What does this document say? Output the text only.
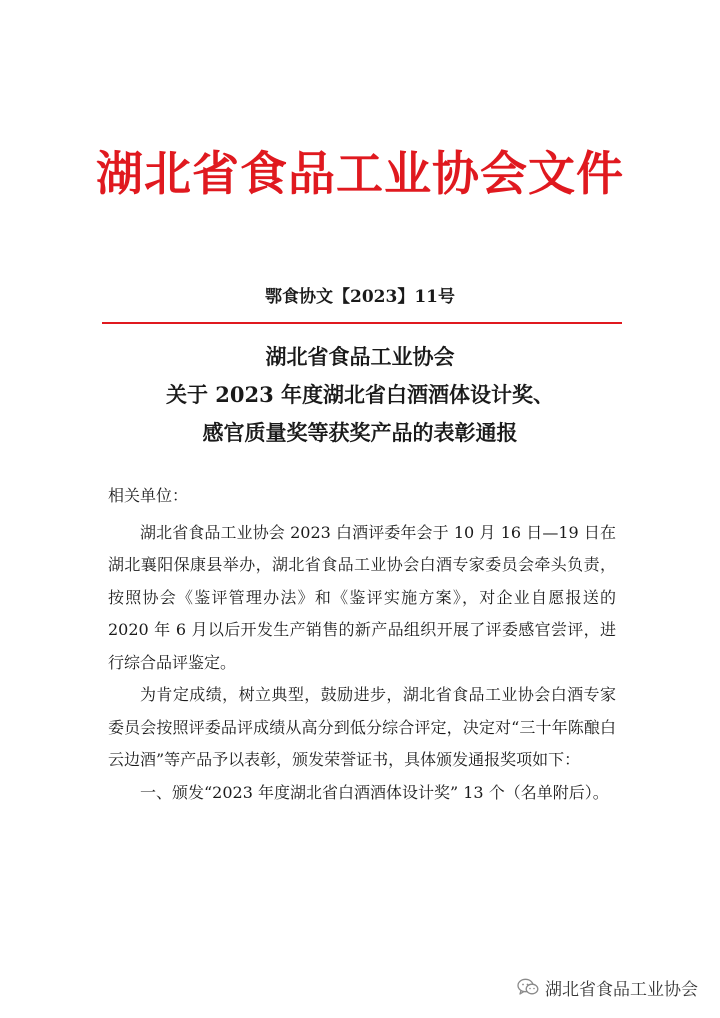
湖北省食品工业协会文件
鄂食协文【2023】11号
湖北省食品工业协会
关于 2023 年度湖北省白酒酒体设计奖、
感官质量奖等获奖产品的表彰通报

相关单位：

湖北省食品工业协会 2023 白酒评委年会于 10 月 16 日—19 日在湖北襄阳保康县举办，湖北省食品工业协会白酒专家委员会牵头负责，按照协会《鉴评管理办法》和《鉴评实施方案》，对企业自愿报送的 2020 年 6 月以后开发生产销售的新产品组织开展了评委感官尝评，进行综合品评鉴定。

为肯定成绩，树立典型，鼓励进步，湖北省食品工业协会白酒专家委员会按照评委品评成绩从高分到低分综合评定，决定对“三十年陈酿白云边酒”等产品予以表彰，颁发荣誉证书，具体颁发通报奖项如下：

一、颁发“2023 年度湖北省白酒酒体设计奖” 13 个（名单附后）。

湖北省食品工业协会
